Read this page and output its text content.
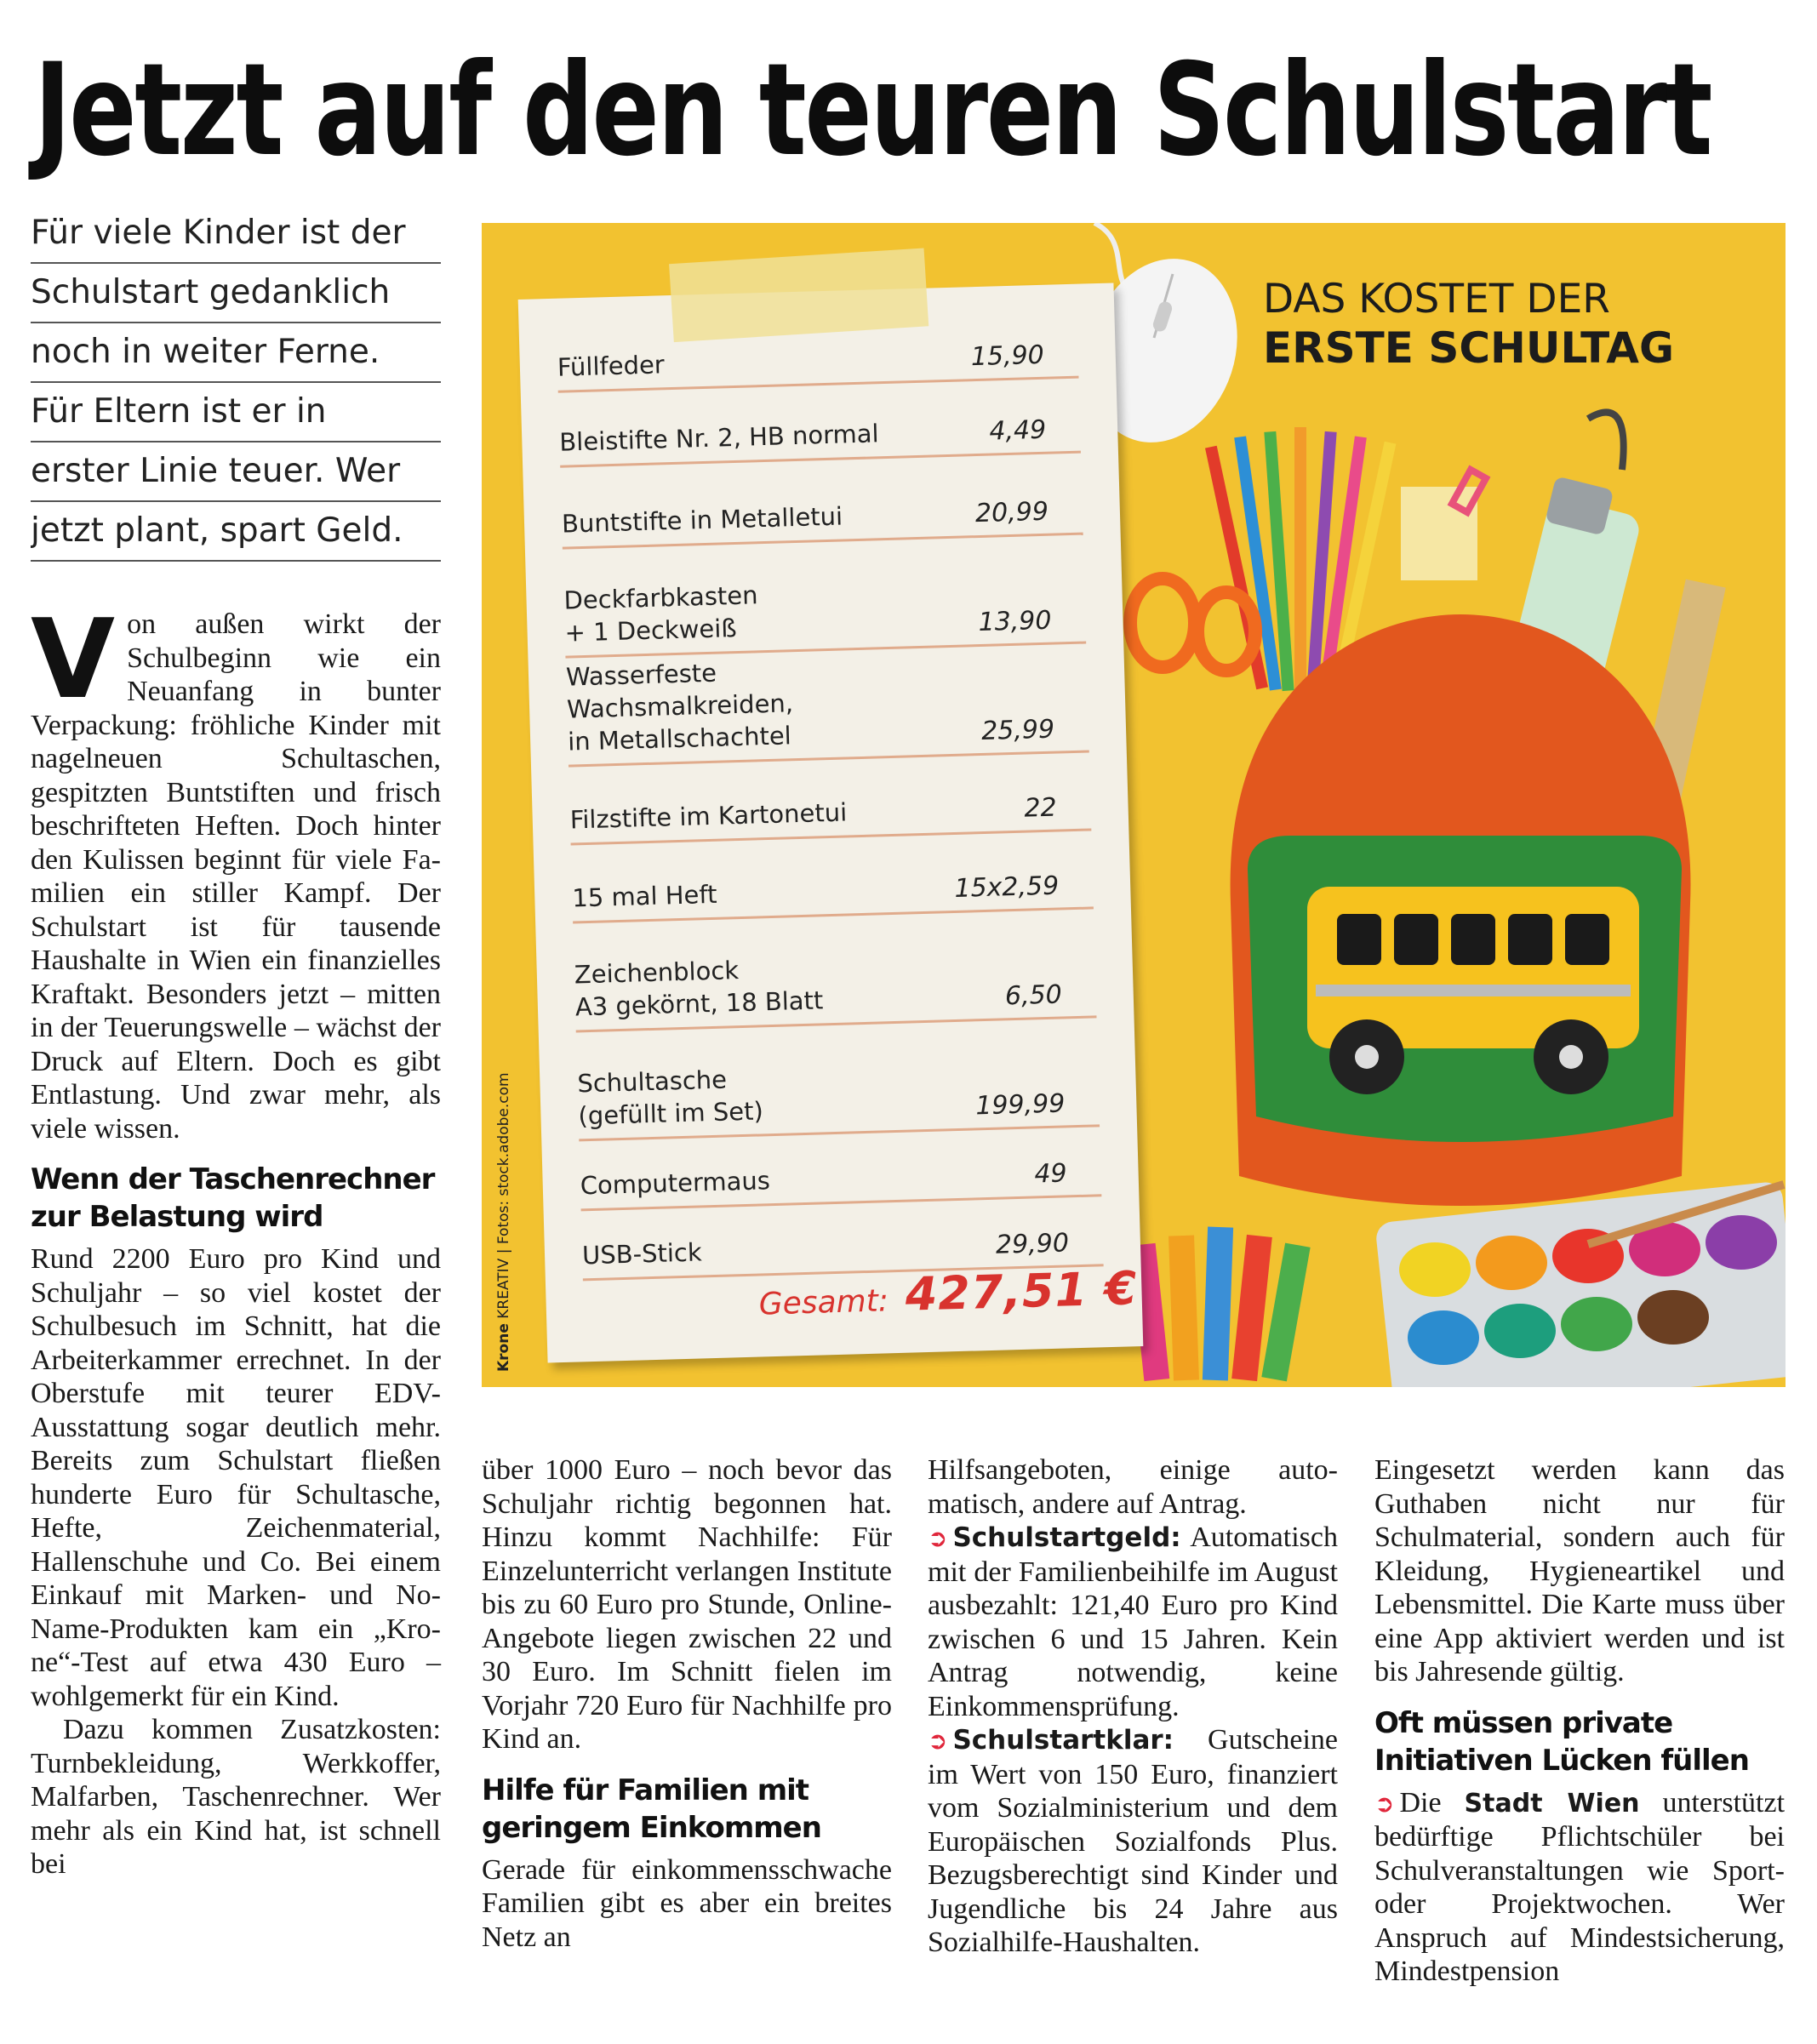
Jetzt auf den teuren Schulstart
Für viele Kinder ist der
Schulstart gedanklich
noch in weiter Ferne.
Für Eltern ist er in
erster Linie teuer. Wer
jetzt plant, spart Geld.

Von außen wirkt der Schulbeginn wie ein Neuanfang in bunter Verpackung: fröhliche Kinder mit nagelneuen Schultaschen, gespitzten Buntstiften und frisch beschrifteten Heften. Doch hinter den Kulissen beginnt für viele Familien ein stiller Kampf. Der Schulstart ist für tausende Haushalte in Wien ein finanzielles Kraftakt. Besonders jetzt – mitten in der Teuerungswelle – wächst der Druck auf Eltern. Doch es gibt Entlastung. Und zwar mehr, als viele wissen.

Wenn der Taschenrechner zur Belastung wird

Rund 2200 Euro pro Kind und Schuljahr – so viel kostet der Schulbesuch im Schnitt, hat die Arbeiterkammer errechnet. In der Oberstufe mit teurer EDV-Ausstattung sogar deutlich mehr. Bereits zum Schulstart fließen hunderte Euro für Schultasche, Hefte, Zeichenmaterial, Hallenschuhe und Co. Bei einem Einkauf mit Marken- und No-Name-Produkten kam ein „Krone“-Test auf etwa 430 Euro – wohlgemerkt für ein Kind.

Dazu kommen Zusatzkosten: Turnbekleidung, Werkkoffer, Malfarben, Taschenrechner. Wer mehr als ein Kind hat, ist schnell bei

über 1000 Euro – noch bevor das Schuljahr richtig begonnen hat. Hinzu kommt Nachhilfe: Für Einzelunterricht verlangen Institute bis zu 60 Euro pro Stunde, Online-Angebote liegen zwischen 22 und 30 Euro. Im Schnitt fielen im Vorjahr 720 Euro für Nachhilfe pro Kind an.

Hilfe für Familien mit geringem Einkommen

Gerade für einkommensschwache Familien gibt es aber ein breites Netz an

Hilfsangeboten, einige automatisch, andere auf Antrag.

➲ Schulstartgeld: Automatisch mit der Familienbeihilfe im August ausbezahlt: 121,40 Euro pro Kind zwischen 6 und 15 Jahren. Kein Antrag notwendig, keine Einkommensprüfung.

➲ Schulstartklar: Gutscheine im Wert von 150 Euro, finanziert vom Sozialministerium und dem Europäischen Sozialfonds Plus. Bezugsberechtigt sind Kinder und Jugendliche bis 24 Jahre aus Sozialhilfe-Haushalten.

Eingesetzt werden kann das Guthaben nicht nur für Schulmaterial, sondern auch für Kleidung, Hygieneartikel und Lebensmittel. Die Karte muss über eine App aktiviert werden und ist bis Jahresende gültig.

Oft müssen private Initiativen Lücken füllen

➲ Die Stadt Wien unterstützt bedürftige Pflichtschüler bei Schulveranstaltungen wie Sport- oder Projektwochen. Wer Anspruch auf Mindestsicherung, Mindestpension

DAS KOSTET DER
ERSTE SCHULTAG
Füllfeder	15,90
Bleistifte Nr. 2, HB normal	4,49
Buntstifte in Metalletui	20,99
Deckfarbkasten
+ 1 Deckweiß	13,90
Wasserfeste Wachsmalkreiden,
in Metallschachtel	25,99
Filzstifte im Kartonetui	22
15 mal Heft	15x2,59
Zeichenblock
A3 gekörnt, 18 Blatt	6,50
Schultasche
(gefüllt im Set)	199,99
Computermaus	49
USB-Stick	29,90
Gesamt: 427,51 €
Krone KREATIV | Fotos: stock.adobe.com
